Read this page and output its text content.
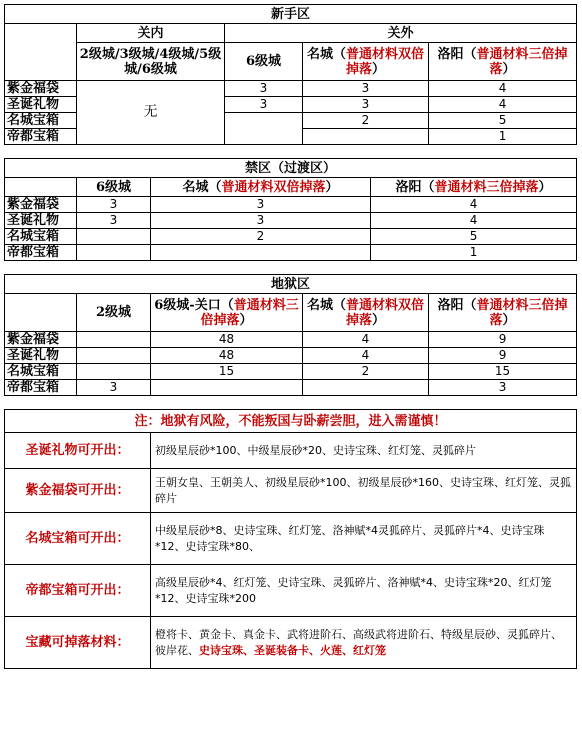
新手区						
	关内		关外			
	2级城/3级城/4级城/5级城/6级城		6级城	名城（普通材料双倍掉落）		洛阳（普通材料三倍掉落）
紫金福袋	无		3	3		4
圣诞礼物			3	3		4
名城宝箱				2		5
帝都宝箱						1

禁区（过渡区）						
	6级城	名城（普通材料双倍掉落）			洛阳（普通材料三倍掉落）	
紫金福袋	3	3			4	
圣诞礼物	3	3			4	
名城宝箱		2			5	
帝都宝箱					1	

地狱区						
	2级城	6级城-关口（普通材料三倍掉落）		名城（普通材料双倍掉落）		洛阳（普通材料三倍掉落）
紫金福袋		48		4		9
圣诞礼物		48		4		9
名城宝箱		15		2		15
帝都宝箱	3					3

注：地狱有风险，不能叛国与卧薪尝胆，进入需谨慎！						
圣诞礼物可开出：		初级星辰砂*100、中级星辰砂*20、史诗宝珠、红灯笼、灵狐碎片				
紫金福袋可开出：		王朝女皇、王朝美人、初级星辰砂*100、初级星辰砂*160、史诗宝珠、红灯笼、灵狐碎片				
名城宝箱可开出：		中级星辰砂*8、史诗宝珠、红灯笼、洛神赋*4灵狐碎片、灵狐碎片*4、史诗宝珠*12、史诗宝珠*80、				
帝都宝箱可开出：		高级星辰砂*4、红灯笼、史诗宝珠、灵狐碎片、洛神赋*4、史诗宝珠*20、红灯笼*12、史诗宝珠*200				
宝藏可掉落材料：		橙将卡、黄金卡、真金卡、武将进阶石、高级武将进阶石、特级星辰砂、灵狐碎片、彼岸花、史诗宝珠、圣诞装备卡、火莲、红灯笼				
